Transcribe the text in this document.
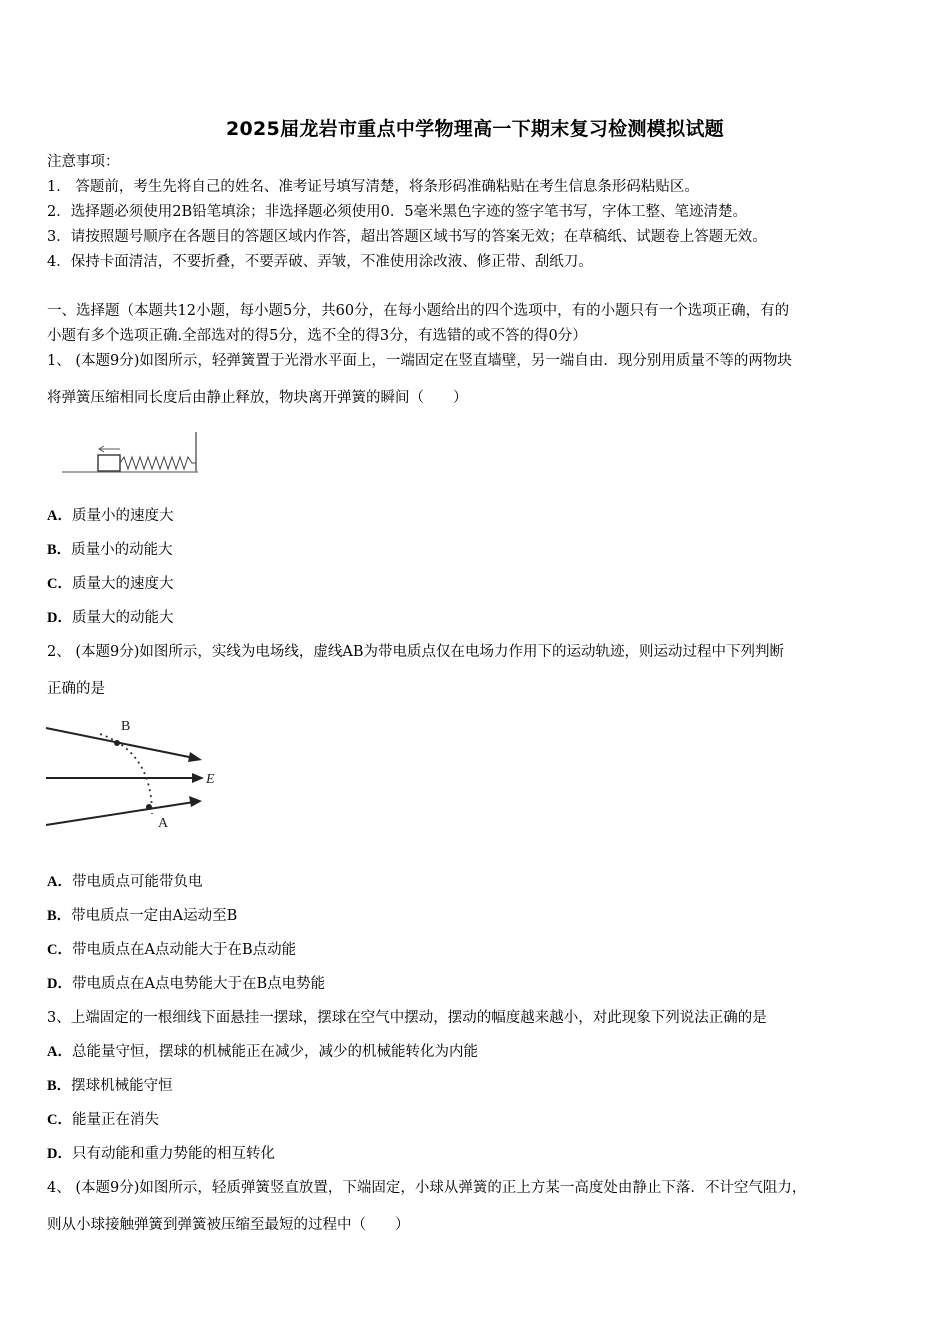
2025届龙岩市重点中学物理高一下期末复习检测模拟试题
注意事项：
1． 答题前，考生先将自己的姓名、准考证号填写清楚，将条形码准确粘贴在考生信息条形码粘贴区。
2．选择题必须使用2B铅笔填涂；非选择题必须使用0．5毫米黑色字迹的签字笔书写，字体工整、笔迹清楚。
3．请按照题号顺序在各题目的答题区域内作答，超出答题区域书写的答案无效；在草稿纸、试题卷上答题无效。
4．保持卡面清洁，不要折叠，不要弄破、弄皱，不准使用涂改液、修正带、刮纸刀。
一、选择题（本题共12小题，每小题5分，共60分，在每小题给出的四个选项中，有的小题只有一个选项正确，有的
小题有多个选项正确.全部选对的得5分，选不全的得3分，有选错的或不答的得0分）
1、 (本题9分)如图所示，轻弹簧置于光滑水平面上，一端固定在竖直墙壁，另一端自由．现分别用质量不等的两物块
将弹簧压缩相同长度后由静止释放，物块离开弹簧的瞬间（　　）
A．质量小的速度大
B．质量小的动能大
C．质量大的速度大
D．质量大的动能大
2、 (本题9分)如图所示，实线为电场线，虚线AB为带电质点仅在电场力作用下的运动轨迹，则运动过程中下列判断
正确的是
B
A
E
A．带电质点可能带负电
B．带电质点一定由A运动至B
C．带电质点在A点动能大于在B点动能
D．带电质点在A点电势能大于在B点电势能
3、上端固定的一根细线下面悬挂一摆球，摆球在空气中摆动，摆动的幅度越来越小，对此现象下列说法正确的是
A．总能量守恒，摆球的机械能正在减少，减少的机械能转化为内能
B．摆球机械能守恒
C．能量正在消失
D．只有动能和重力势能的相互转化
4、 (本题9分)如图所示，轻质弹簧竖直放置，下端固定，小球从弹簧的正上方某一高度处由静止下落．不计空气阻力，
则从小球接触弹簧到弹簧被压缩至最短的过程中（　　）
